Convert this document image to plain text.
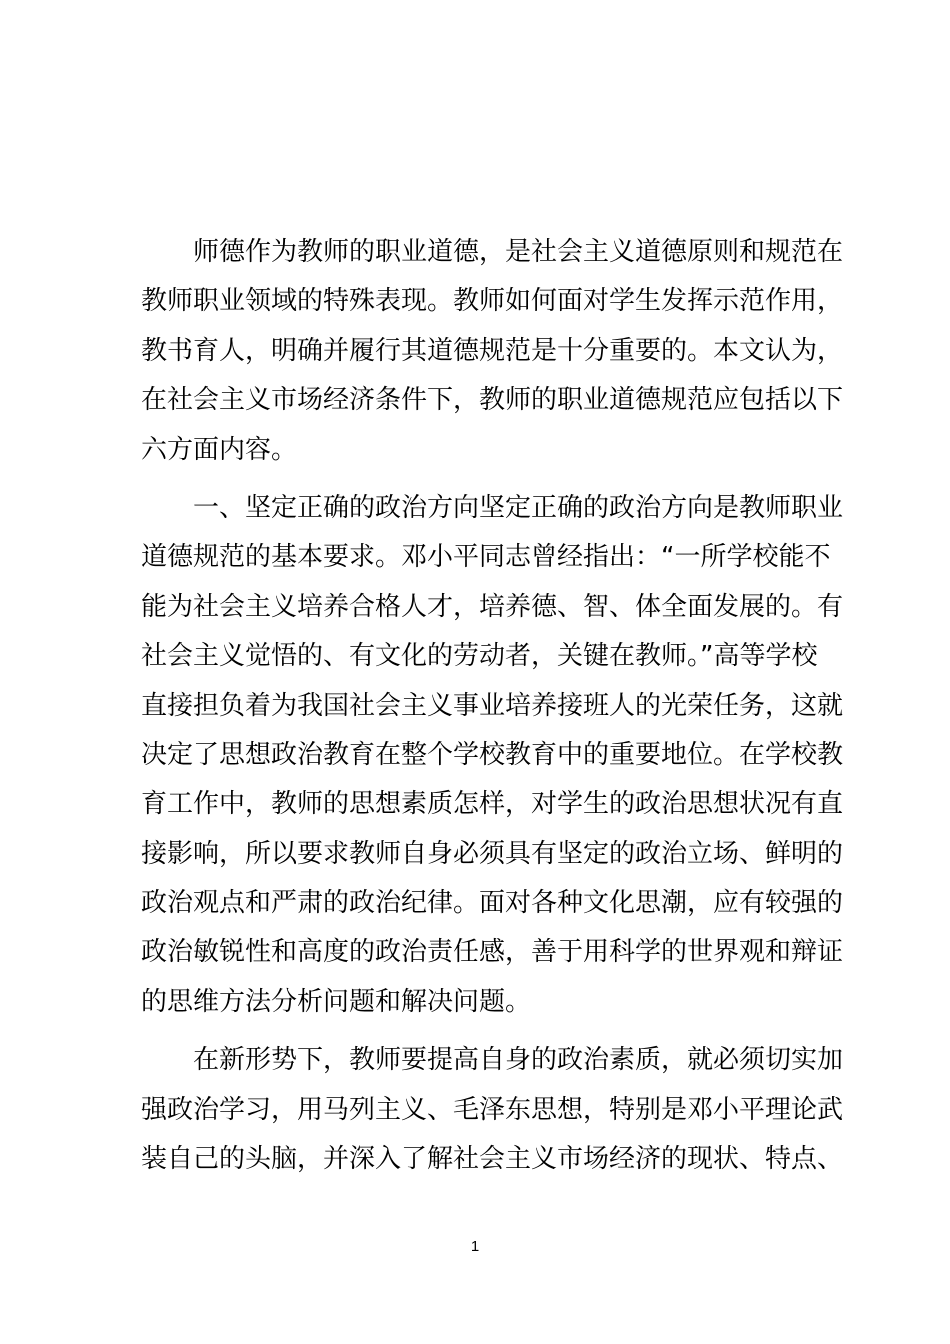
　　师德作为教师的职业道德，是社会主义道德原则和规范在
教师职业领域的特殊表现。教师如何面对学生发挥示范作用，
教书育人，明确并履行其道德规范是十分重要的。本文认为，
在社会主义市场经济条件下，教师的职业道德规范应包括以下
六方面内容。
　　一、坚定正确的政治方向坚定正确的政治方向是教师职业
道德规范的基本要求。邓小平同志曾经指出：“一所学校能不
能为社会主义培养合格人才，培养德、智、体全面发展的。有
社会主义觉悟的、有文化的劳动者，关键在教师。”高等学校
直接担负着为我国社会主义事业培养接班人的光荣任务，这就
决定了思想政治教育在整个学校教育中的重要地位。在学校教
育工作中，教师的思想素质怎样，对学生的政治思想状况有直
接影响，所以要求教师自身必须具有坚定的政治立场、鲜明的
政治观点和严肃的政治纪律。面对各种文化思潮，应有较强的
政治敏锐性和高度的政治责任感，善于用科学的世界观和辩证
的思维方法分析问题和解决问题。
　　在新形势下，教师要提高自身的政治素质，就必须切实加
强政治学习，用马列主义、毛泽东思想，特别是邓小平理论武
装自己的头脑，并深入了解社会主义市场经济的现状、特点、
1
